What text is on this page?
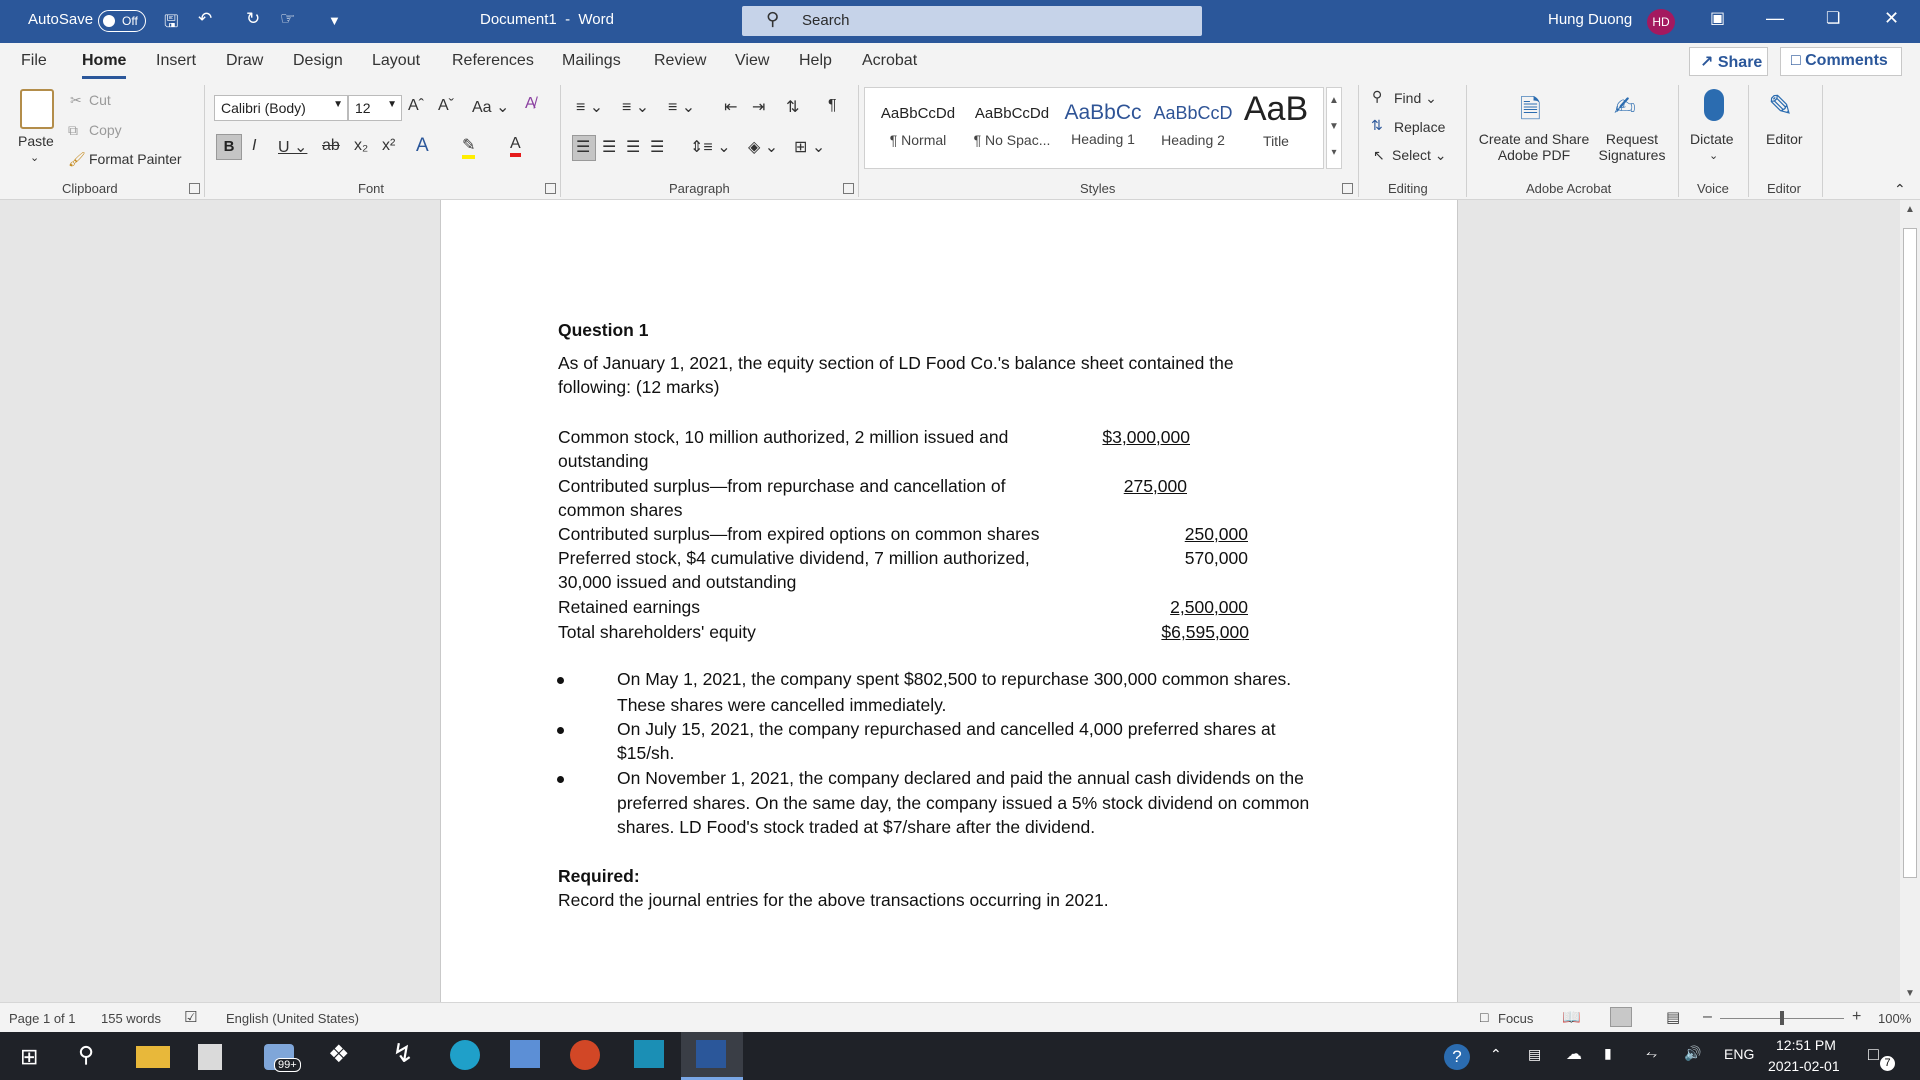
AutoSave	Off	🖫 ↶ ↻ ☞	▼	Document1 - Word	⚲ Search	Hung Duong	HD	▣ —	❏ ✕
File Home Insert Draw Design Layout References Mailings Review View Help Acrobat	↗ Share	□ Comments
Paste
⌄
✂ Cut
⧉ Copy
🖌 Format Painter
Clipboard
Calibri (Body)	▼ 12 ▼ Aˆ Aˇ Aa ⌄ A̸
B	I U ⌄ ab x₂ x² A ✎ A
Font
≡ ⌄ ≡ ⌄ ≡ ⌄ ⇤ ⇥ ⇅ ¶
☰ ☰ ☰ ☰ ⇕≡ ⌄ ◈ ⌄ ⊞ ⌄
Paragraph
AaBbCcDd
¶ Normal
AaBbCcDd
¶ No Spac...
AaBbCc
Heading 1
AaBbCcD
Heading 2
AaB
Title
▲
▼
▾
Styles
⚲ Find ⌄
⇅ Replace
↖ Select ⌄
Editing
🗎
Create and Share
Adobe PDF
✍
Request
Signatures
Adobe Acrobat
Dictate
⌄
Voice
✎
Editor
Editor	⌃
Question 1
As of January 1, 2021, the equity section of LD Food Co.'s balance sheet contained the
following: (12 marks)
Common stock, 10 million authorized, 2 million issued and
outstanding
$3,000,000
Contributed surplus—from repurchase and cancellation of
common shares
275,000
Contributed surplus—from expired options on common shares	250,000
Preferred stock, $4 cumulative dividend, 7 million authorized,
30,000 issued and outstanding
570,000
Retained earnings	2,500,000
Total shareholders' equity	$6,595,000
On May 1, 2021, the company spent $802,500 to repurchase 300,000 common shares.
These shares were cancelled immediately.
On July 15, 2021, the company repurchased and cancelled 4,000 preferred shares at
$15/sh.
On November 1, 2021, the company declared and paid the annual cash dividends on the
preferred shares. On the same day, the company issued a 5% stock dividend on common
shares. LD Food's stock traded at $7/share after the dividend.
Required:
Record the journal entries for the above transactions occurring in 2021.
▲
▼
Page 1 of 1 155 words ☑ English (United States)	□ Focus 📖	▤ –	+ 100%
⊞ ⚲	99+ ❖ ↯	?	⌃ ▤ ☁ ▮ ⥊ 🔊 ENG
12:51 PM
2021-02-01
□ 7
